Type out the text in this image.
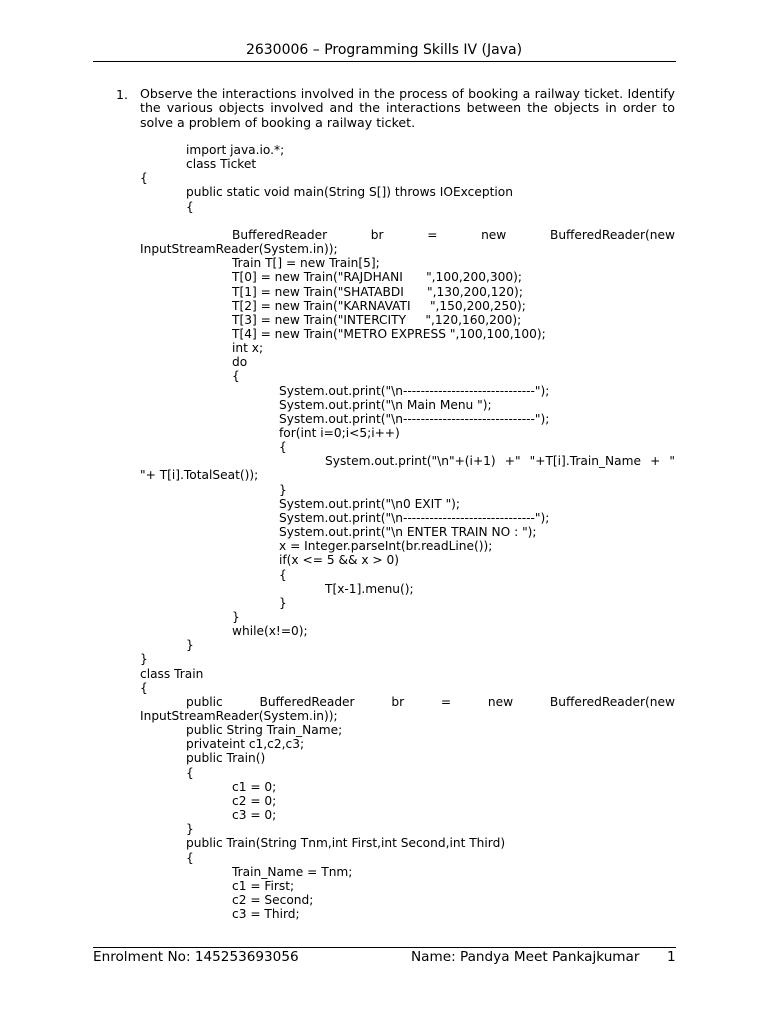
2630006 – Programming Skills IV (Java)
1. Observe the interactions involved in the process of booking a railway ticket. Identify the various objects involved and the interactions between the objects in order to solve a problem of booking a railway ticket.
import java.io.*;
class Ticket
{
public static void main(String S[]) throws IOException
{
BufferedReader	br	=	new	BufferedReader(new
InputStreamReader(System.in));
Train T[] = new Train[5];
T[0] = new Train("RAJDHANI      ",100,200,300);
T[1] = new Train("SHATABDI      ",130,200,120);
T[2] = new Train("KARNAVATI     ",150,200,250);
T[3] = new Train("INTERCITY     ",120,160,200);
T[4] = new Train("METRO EXPRESS ",100,100,100);
int x;
do
{
System.out.print("\n------------------------------");
System.out.print("\n Main Menu ");
System.out.print("\n------------------------------");
for(int i=0;i<5;i++)
{
System.out.print("\n"+(i+1) +" "+T[i].Train_Name + "
"+ T[i].TotalSeat());
}
System.out.print("\n0 EXIT ");
System.out.print("\n------------------------------");
System.out.print("\n ENTER TRAIN NO : ");
x = Integer.parseInt(br.readLine());
if(x <= 5 && x > 0)
{
T[x-1].menu();
}
}
while(x!=0);
}
}
class Train
{
public	BufferedReader	br	=	new	BufferedReader(new
InputStreamReader(System.in));
public String Train_Name;
privateint c1,c2,c3;
public Train()
{
c1 = 0;
c2 = 0;
c3 = 0;
}
public Train(String Tnm,int First,int Second,int Third)
{
Train_Name = Tnm;
c1 = First;
c2 = Second;
c3 = Third;
Enrolment No: 145253693056	Name: Pandya Meet Pankajkumar 1
